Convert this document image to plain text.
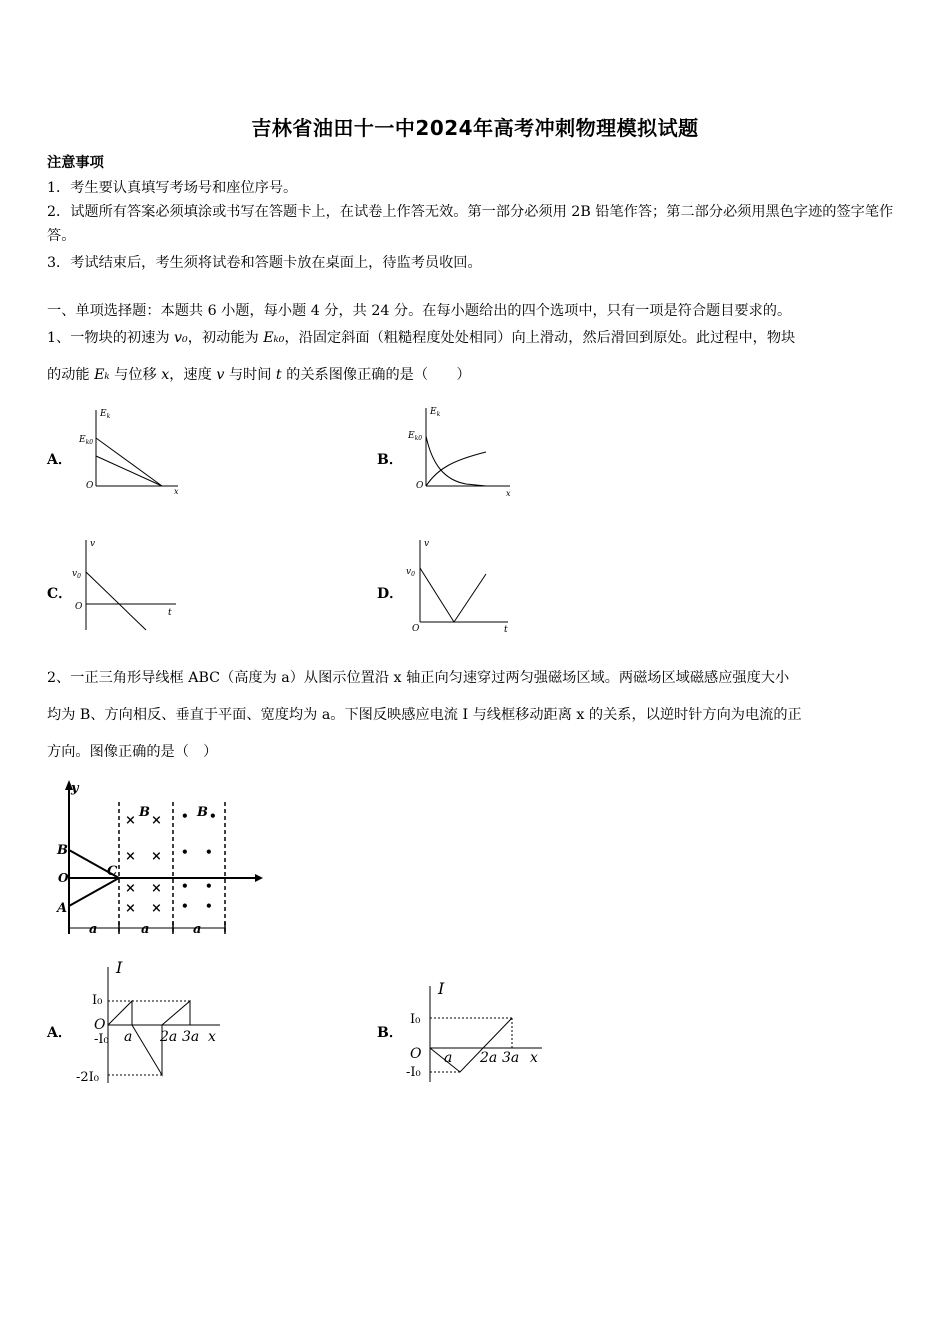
吉林省油田十一中2024年高考冲刺物理模拟试题
注意事项
1．考生要认真填写考场号和座位序号。
2．试题所有答案必须填涂或书写在答题卡上，在试卷上作答无效。第一部分必须用 2B 铅笔作答；第二部分必须用黑色字迹的签字笔作答。
3．考试结束后，考生须将试卷和答题卡放在桌面上，待监考员收回。
一、单项选择题：本题共 6 小题，每小题 4 分，共 24 分。在每小题给出的四个选项中，只有一项是符合题目要求的。
1、一物块的初速为 v₀，初动能为 Eₖ₀，沿固定斜面（粗糙程度处处相同）向上滑动，然后滑回到原处。此过程中，物块
的动能 Eₖ 与位移 x，速度 v 与时间 t 的关系图像正确的是（　　）
A．	B．
C．	D．
$E_k$
$E_{k0}$
O
x
$E_k$
$E_{k0}$
O
x
v
$v_0$
O
t
v
$v_0$
O	t
2、一正三角形导线框 ABC（高度为 a）从图示位置沿 x 轴正向匀速穿过两匀强磁场区域。两磁场区域磁感应强度大小
均为 B、方向相反、垂直于平面、宽度均为 a。下图反映感应电流 I 与线框移动距离 x 的关系，以逆时针方向为电流的正
方向。图像正确的是（　）
y
B
C
A
O
B	B
× ×
× ×
× ×
× ×
• •
• •
• •
• •
a	a	a
A．	B．
I
I₀
-I₀
-2I₀
O
a 2a 3a x
I
I₀
-I₀
O a 2a 3a x
